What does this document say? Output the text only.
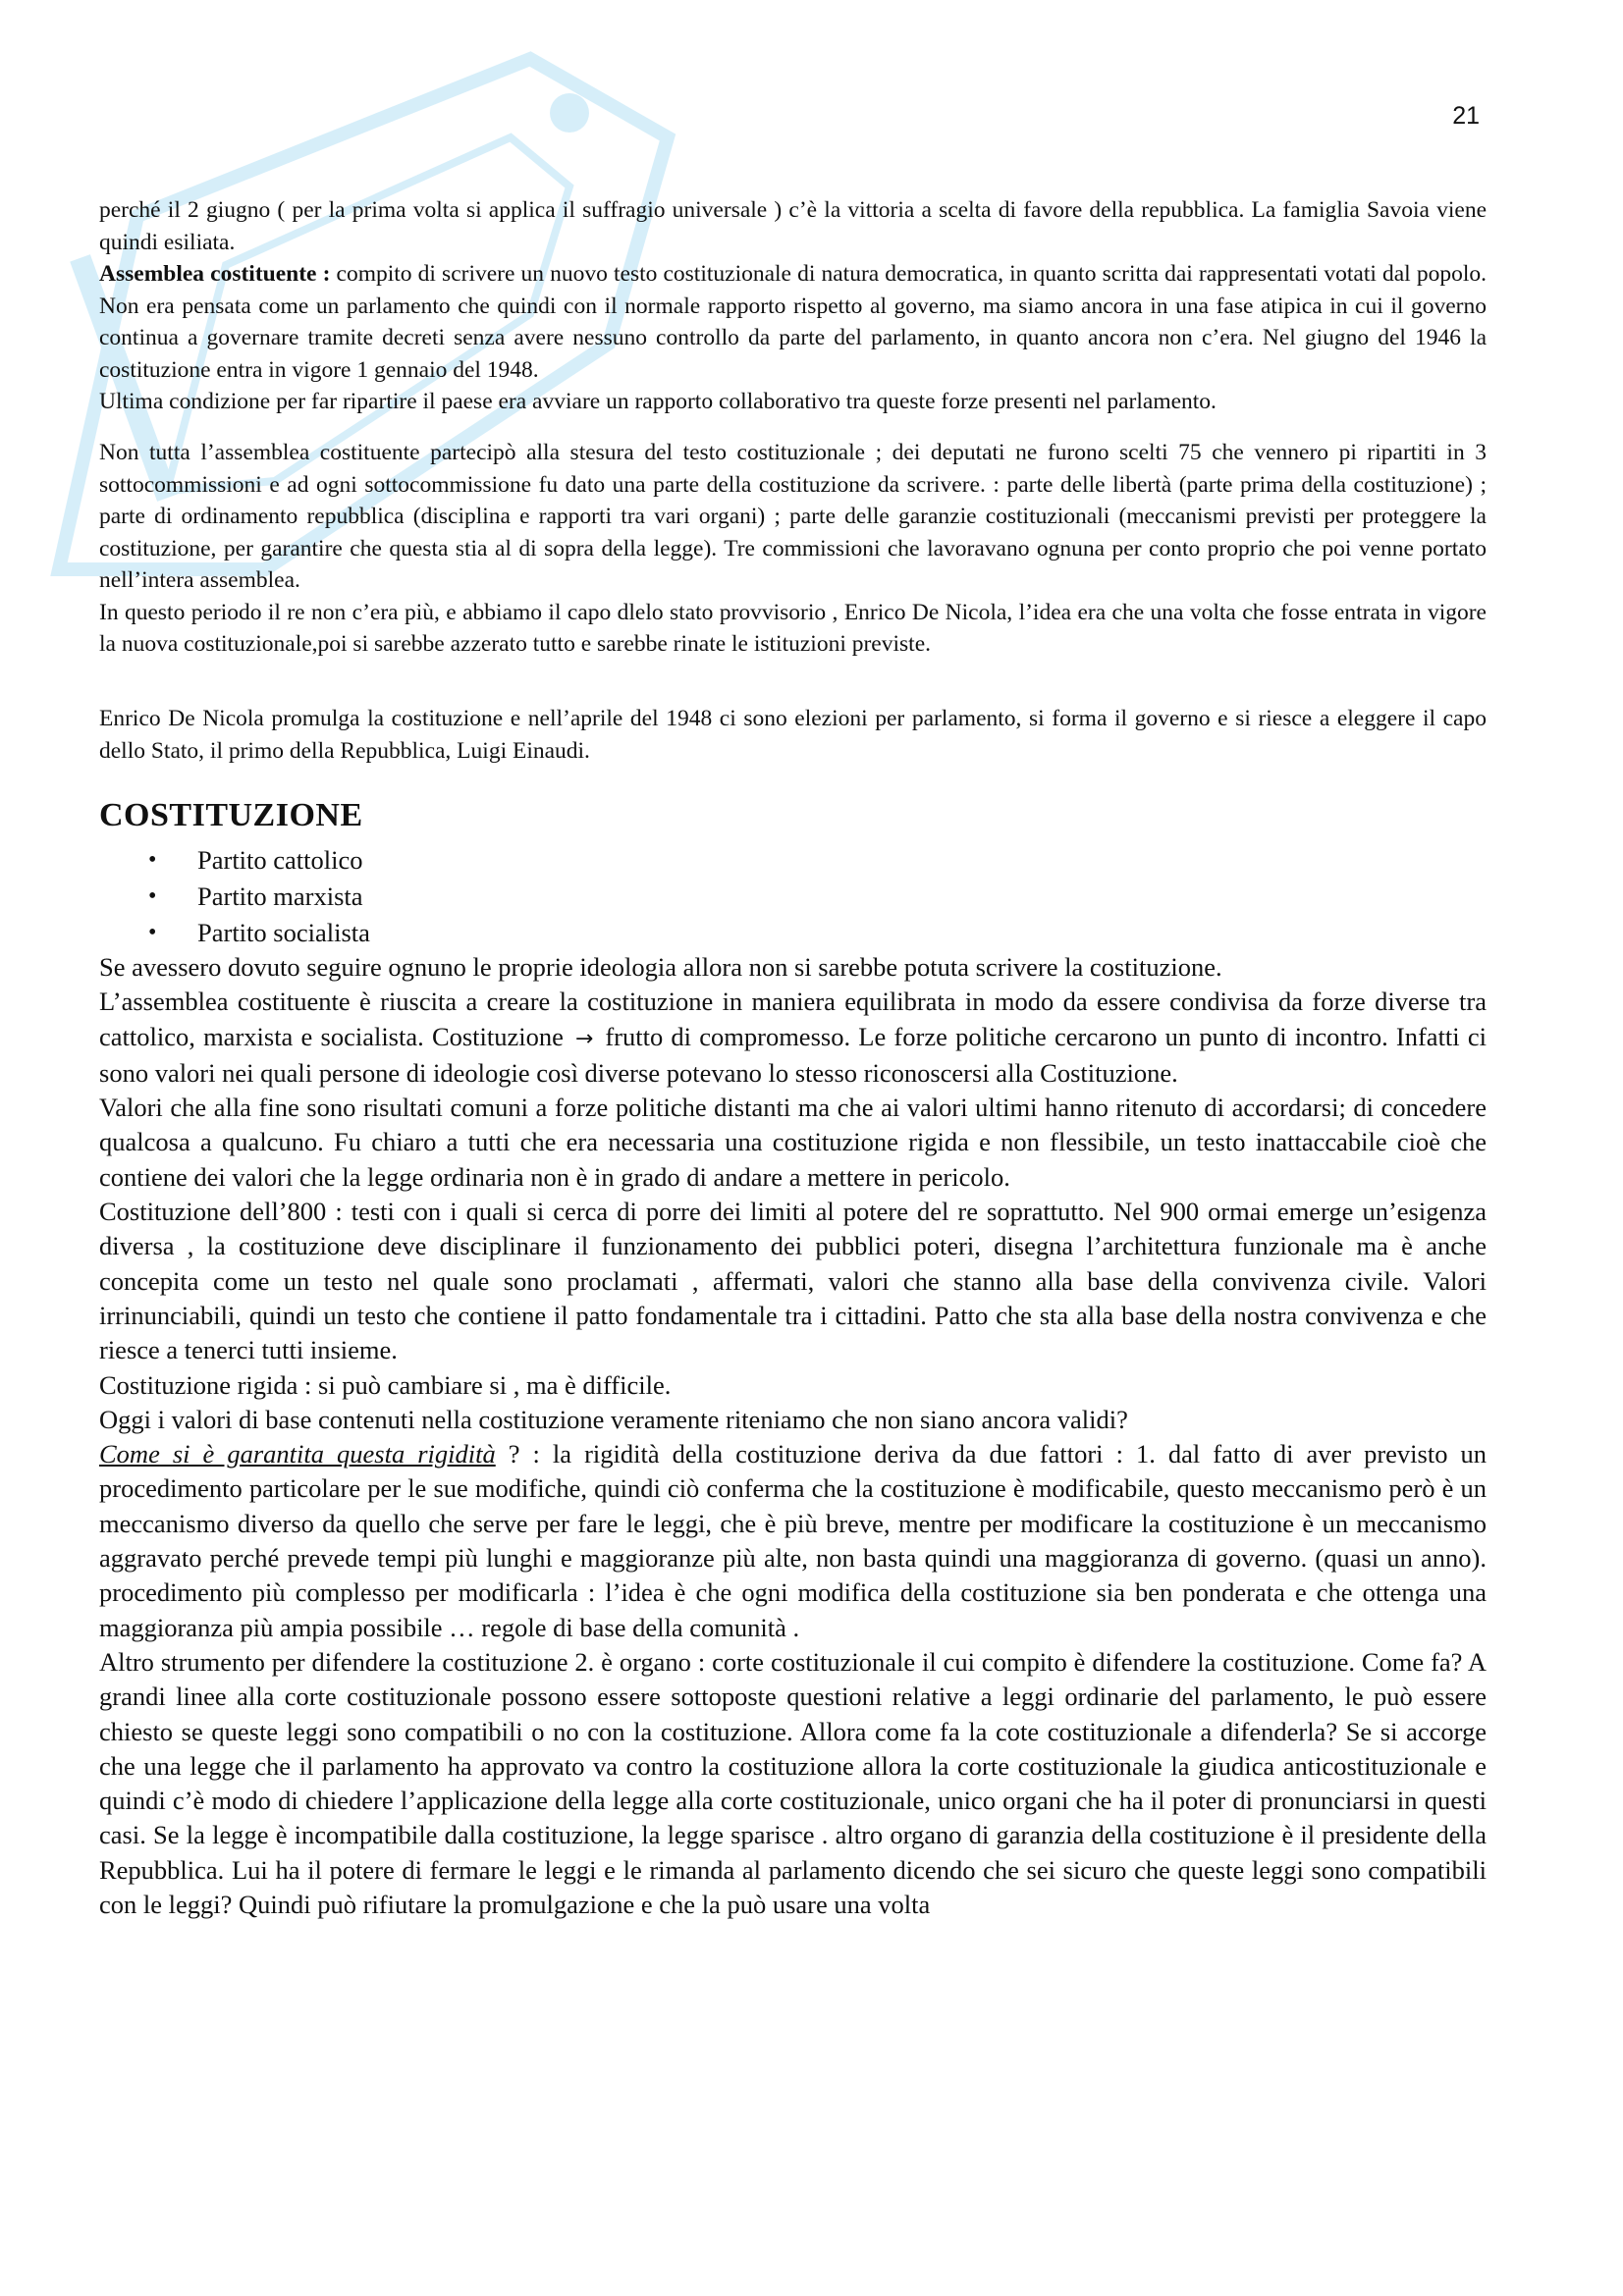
21

perché il 2 giugno ( per la prima volta si applica il suffragio universale ) c’è la vittoria a scelta di favore della repubblica. La famiglia Savoia viene quindi esiliata.

Assemblea costituente : compito di scrivere un nuovo testo costituzionale di natura democratica, in quanto scritta dai rappresentati votati dal popolo. Non era pensata come un parlamento che quindi con il normale rapporto rispetto al governo, ma siamo ancora in una fase atipica in cui il governo continua a governare tramite decreti senza avere nessuno controllo da parte del parlamento, in quanto ancora non c’era. Nel giugno del 1946 la costituzione entra in vigore 1 gennaio del 1948.

Ultima condizione per far ripartire il paese era avviare un rapporto collaborativo tra queste forze presenti nel parlamento.

Non tutta l’assemblea costituente partecipò alla stesura del testo costituzionale ; dei deputati ne furono scelti 75 che vennero pi ripartiti in 3 sottocommissioni e ad ogni sottocommissione fu dato una parte della costituzione da scrivere. : parte delle libertà (parte prima della costituzione) ; parte di ordinamento repubblica (disciplina e rapporti tra vari organi) ; parte delle garanzie costituzionali (meccanismi previsti per proteggere la costituzione, per garantire che questa stia al di sopra della legge). Tre commissioni che lavoravano ognuna per conto proprio che poi venne portato nell’intera assemblea.

In questo periodo il re non c’era più, e abbiamo il capo dlelo stato provvisorio , Enrico De Nicola, l’idea era che una volta che fosse entrata in vigore la nuova costituzionale,poi si sarebbe azzerato tutto e sarebbe rinate le istituzioni previste.

Enrico De Nicola promulga la costituzione e nell’aprile del 1948 ci sono elezioni per parlamento, si forma il governo e si riesce a eleggere il capo dello Stato, il primo della Repubblica, Luigi Einaudi.

COSTITUZIONE
• Partito cattolico
• Partito marxista
• Partito socialista

Se avessero dovuto seguire ognuno le proprie ideologia allora non si sarebbe potuta scrivere la costituzione.

L’assemblea costituente è riuscita a creare la costituzione in maniera equilibrata in modo da essere condivisa da forze diverse tra cattolico, marxista e socialista. Costituzione → frutto di compromesso. Le forze politiche cercarono un punto di incontro. Infatti ci sono valori nei quali persone di ideologie così diverse potevano lo stesso riconoscersi alla Costituzione.

Valori che alla fine sono risultati comuni a forze politiche distanti ma che ai valori ultimi hanno ritenuto di accordarsi; di concedere qualcosa a qualcuno. Fu chiaro a tutti che era necessaria una costituzione rigida e non flessibile, un testo inattaccabile cioè che contiene dei valori che la legge ordinaria non è in grado di andare a mettere in pericolo.

Costituzione dell’800 : testi con i quali si cerca di porre dei limiti al potere del re soprattutto. Nel 900 ormai emerge un’esigenza diversa , la costituzione deve disciplinare il funzionamento dei pubblici poteri, disegna l’architettura funzionale ma è anche concepita come un testo nel quale sono proclamati , affermati, valori che stanno alla base della convivenza civile. Valori irrinunciabili, quindi un testo che contiene il patto fondamentale tra i cittadini. Patto che sta alla base della nostra convivenza e che riesce a tenerci tutti insieme.

Costituzione rigida : si può cambiare si , ma è difficile.

Oggi i valori di base contenuti nella costituzione veramente riteniamo che non siano ancora validi?

Come si è garantita questa rigidità ? : la rigidità della costituzione deriva da due fattori : 1. dal fatto di aver previsto un procedimento particolare per le sue modifiche, quindi ciò conferma che la costituzione è modificabile, questo meccanismo però è un meccanismo diverso da quello che serve per fare le leggi, che è più breve, mentre per modificare la costituzione è un meccanismo aggravato perché prevede tempi più lunghi e maggioranze più alte, non basta quindi una maggioranza di governo. (quasi un anno). procedimento più complesso per modificarla : l’idea è che ogni modifica della costituzione sia ben ponderata e che ottenga una maggioranza più ampia possibile … regole di base della comunità .

Altro strumento per difendere la costituzione 2. è organo : corte costituzionale il cui compito è difendere la costituzione. Come fa? A grandi linee alla corte costituzionale possono essere sottoposte questioni relative a leggi ordinarie del parlamento, le può essere chiesto se queste leggi sono compatibili o no con la costituzione. Allora come fa la cote costituzionale a difenderla? Se si accorge che una legge che il parlamento ha approvato va contro la costituzione allora la corte costituzionale la giudica anticostituzionale e quindi c’è modo di chiedere l’applicazione della legge alla corte costituzionale, unico organi che ha il poter di pronunciarsi in questi casi. Se la legge è incompatibile dalla costituzione, la legge sparisce . altro organo di garanzia della costituzione è il presidente della Repubblica. Lui ha il potere di fermare le leggi e le rimanda al parlamento dicendo che sei sicuro che queste leggi sono compatibili con le leggi? Quindi può rifiutare la promulgazione e che la può usare una volta
